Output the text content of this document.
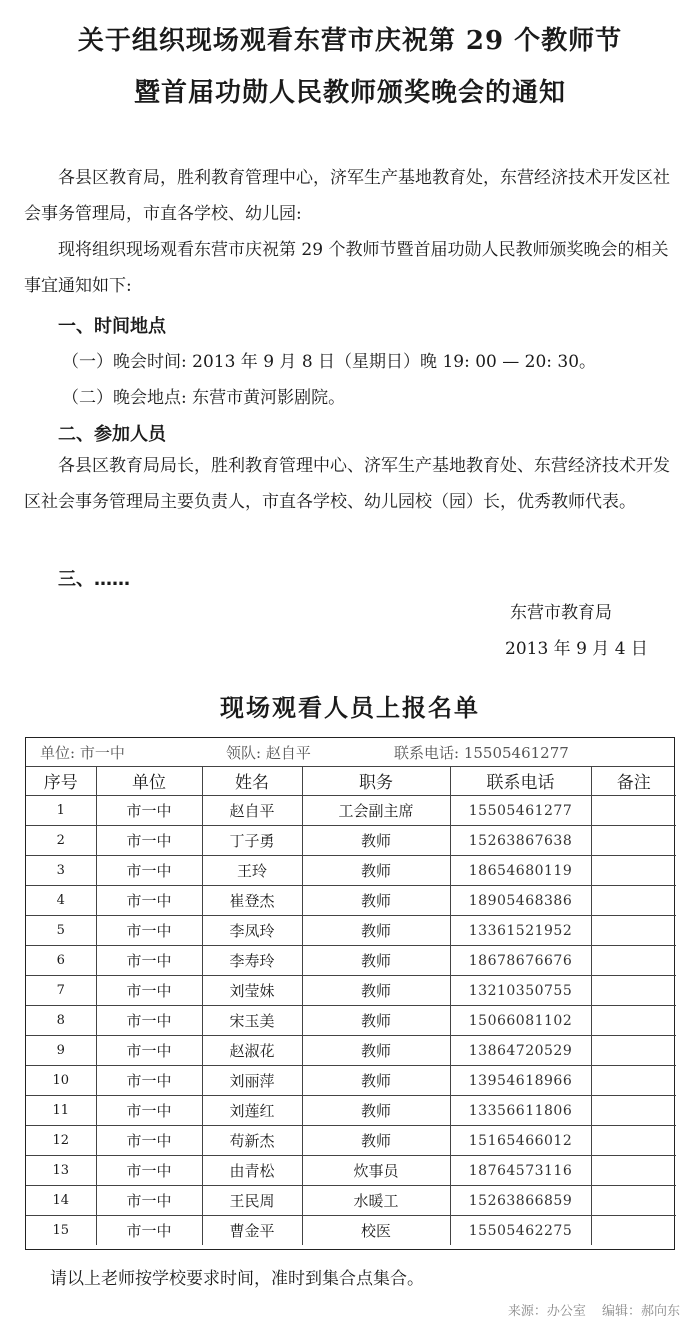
关于组织现场观看东营市庆祝第 29 个教师节
暨首届功勋人民教师颁奖晚会的通知

各县区教育局，胜利教育管理中心，济军生产基地教育处，东营经济技术开发区社会事务管理局，市直各学校、幼儿园:

现将组织现场观看东营市庆祝第 29 个教师节暨首届功勋人民教师颁奖晚会的相关事宜通知如下:

一、时间地点
（一）晚会时间: 2013 年 9 月 8 日（星期日）晚 19: 00 — 20: 30。
（二）晚会地点: 东营市黄河影剧院。
二、参加人员

各县区教育局局长，胜利教育管理中心、济军生产基地教育处、东营经济技术开发区社会事务管理局主要负责人，市直各学校、幼儿园校（园）长，优秀教师代表。

三、……
东营市教育局
2013 年 9 月 4 日
现场观看人员上报名单
单位: 市一中	领队: 赵自平	联系电话: 15505461277
序号	单位	姓名	职务	联系电话	备注
1	市一中	赵自平	工会副主席	15505461277	
2	市一中	丁子勇	教师	15263867638	
3	市一中	王玲	教师	18654680119	
4	市一中	崔登杰	教师	18905468386	
5	市一中	李凤玲	教师	13361521952	
6	市一中	李寿玲	教师	18678676676	
7	市一中	刘莹妹	教师	13210350755	
8	市一中	宋玉美	教师	15066081102	
9	市一中	赵淑花	教师	13864720529	
10	市一中	刘丽萍	教师	13954618966	
11	市一中	刘莲红	教师	13356611806	
12	市一中	苟新杰	教师	15165466012	
13	市一中	由青松	炊事员	18764573116	
14	市一中	王民周	水暖工	15263866859	
15	市一中	曹金平	校医	15505462275	
请以上老师按学校要求时间，准时到集合点集合。
来源：办公室 编辑：郝向东
